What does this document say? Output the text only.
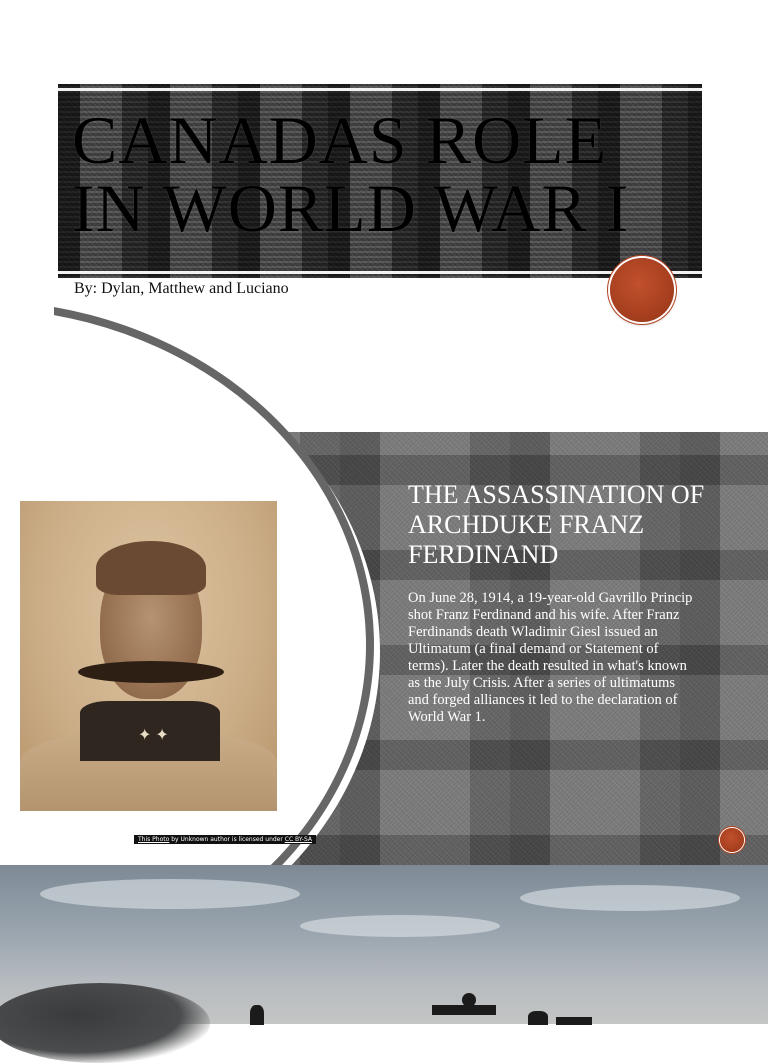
CANADAS ROLE
IN WORLD WAR I
By: Dylan, Matthew and Luciano
✦✦
This Photo by Unknown author is licensed under CC BY-SA
THE ASSASSINATION OF ARCHDUKE FRANZ FERDINAND

On June 28, 1914, a 19-year-old Gavrillo Princip shot Franz Ferdinand and his wife. After Franz Ferdinands death Wladimir Giesl issued an Ultimatum (a final demand or Statement of terms). Later the death resulted in what's known as the July Crisis. After a series of ultimatums and forged alliances it led to the declaration of World War 1.
